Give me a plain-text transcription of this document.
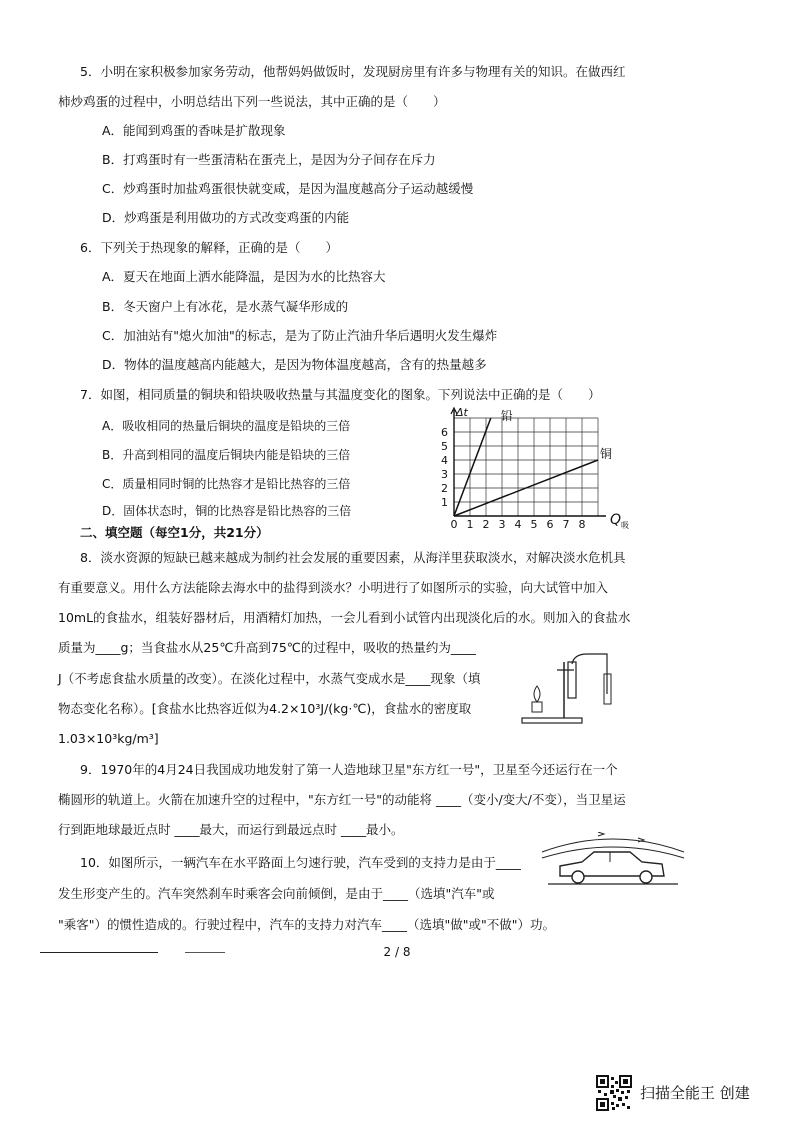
5．小明在家积极参加家务劳动，他帮妈妈做饭时，发现厨房里有许多与物理有关的知识。在做西红
柿炒鸡蛋的过程中，小明总结出下列一些说法，其中正确的是（　　）
A．能闻到鸡蛋的香味是扩散现象
B．打鸡蛋时有一些蛋清粘在蛋壳上，是因为分子间存在斥力
C．炒鸡蛋时加盐鸡蛋很快就变咸，是因为温度越高分子运动越缓慢
D．炒鸡蛋是利用做功的方式改变鸡蛋的内能
6．下列关于热现象的解释，正确的是（　　）
A．夏天在地面上洒水能降温，是因为水的比热容大
B．冬天窗户上有冰花，是水蒸气凝华形成的
C．加油站有"熄火加油"的标志，是为了防止汽油升华后遇明火发生爆炸
D．物体的温度越高内能越大，是因为物体温度越高，含有的热量越多
7．如图，相同质量的铜块和铅块吸收热量与其温度变化的图象。下列说法中正确的是（　　）
A．吸收相同的热量后铜块的温度是铅块的三倍
B．升高到相同的温度后铜块内能是铅块的三倍
C．质量相同时铜的比热容才是铅比热容的三倍
D．固体状态时，铜的比热容是铅比热容的三倍
0 1 2 3 4 5 6 7 8
1
2
3
4
5
6
Δt
Q 吸
铅
铜
二、填空题（每空1分，共21分）
8．淡水资源的短缺已越来越成为制约社会发展的重要因素，从海洋里获取淡水，对解决淡水危机具
有重要意义。用什么方法能除去海水中的盐得到淡水？小明进行了如图所示的实验，向大试管中加入
10mL的食盐水，组装好器材后，用酒精灯加热，一会儿看到小试管内出现淡化后的水。则加入的食盐水
质量为____g；当食盐水从25℃升高到75℃的过程中，吸收的热量约为____
J（不考虑食盐水质量的改变）。在淡化过程中，水蒸气变成水是____现象（填
物态变化名称）。[食盐水比热容近似为4.2×10³J/(kg·℃)，食盐水的密度取
1.03×10³kg/m³]
9．1970年的4月24日我国成功地发射了第一人造地球卫星"东方红一号"，卫星至今还运行在一个
椭圆形的轨道上。火箭在加速升空的过程中，"东方红一号"的动能将 ____（变小/变大/不变），当卫星运
行到距地球最近点时 ____最大，而运行到最远点时 ____最小。
10．如图所示，一辆汽车在水平路面上匀速行驶，汽车受到的支持力是由于____
发生形变产生的。汽车突然刹车时乘客会向前倾倒，是由于____（选填"汽车"或
"乘客"）的惯性造成的。行驶过程中，汽车的支持力对汽车____（选填"做"或"不做"）功。
2 / 8
扫描全能王 创建
